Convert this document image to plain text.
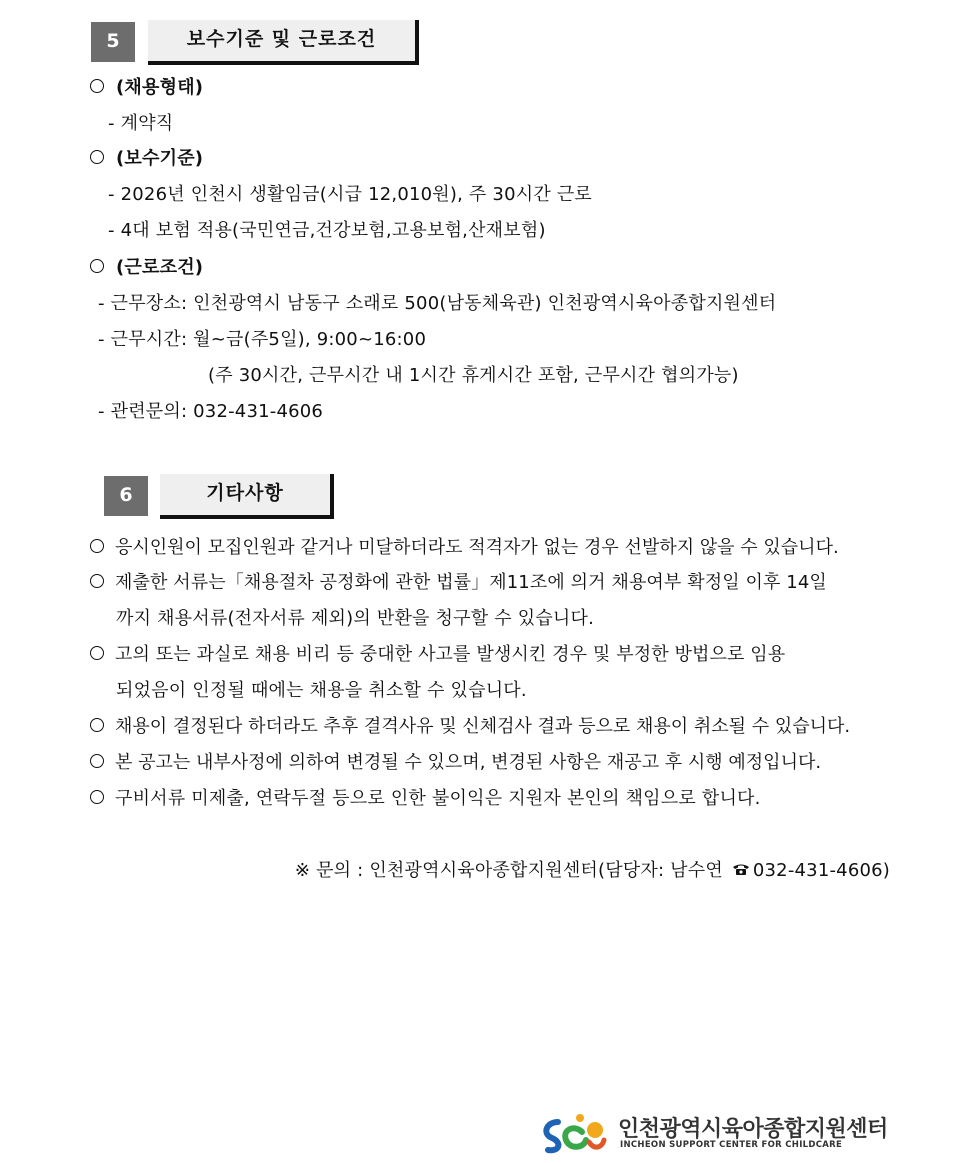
5	보수기준 및 근로조건
(채용형태)
- 계약직
(보수기준)
- 2026년 인천시 생활임금(시급 12,010원), 주 30시간 근로
- 4대 보험 적용(국민연금,건강보험,고용보험,산재보험)
(근로조건)
- 근무장소: 인천광역시 남동구 소래로 500(남동체육관) 인천광역시육아종합지원센터
- 근무시간: 월~금(주5일), 9:00~16:00
(주 30시간, 근무시간 내 1시간 휴게시간 포함, 근무시간 협의가능)
- 관련문의: 032-431-4606
6	기타사항
응시인원이 모집인원과 같거나 미달하더라도 적격자가 없는 경우 선발하지 않을 수 있습니다.
제출한 서류는「채용절차 공정화에 관한 법률」제11조에 의거 채용여부 확정일 이후 14일
까지 채용서류(전자서류 제외)의 반환을 청구할 수 있습니다.
고의 또는 과실로 채용 비리 등 중대한 사고를 발생시킨 경우 및 부정한 방법으로 임용
되었음이 인정될 때에는 채용을 취소할 수 있습니다.
채용이 결정된다 하더라도 추후 결격사유 및 신체검사 결과 등으로 채용이 취소될 수 있습니다.
본 공고는 내부사정에 의하여 변경될 수 있으며, 변경된 사항은 재공고 후 시행 예정입니다.
구비서류 미제출, 연락두절 등으로 인한 불이익은 지원자 본인의 책임으로 합니다.
※ 문의 : 인천광역시육아종합지원센터(담당자: 남수연 032-431-4606)
인천광역시육아종합지원센터
INCHEON SUPPORT CENTER FOR CHILDCARE
